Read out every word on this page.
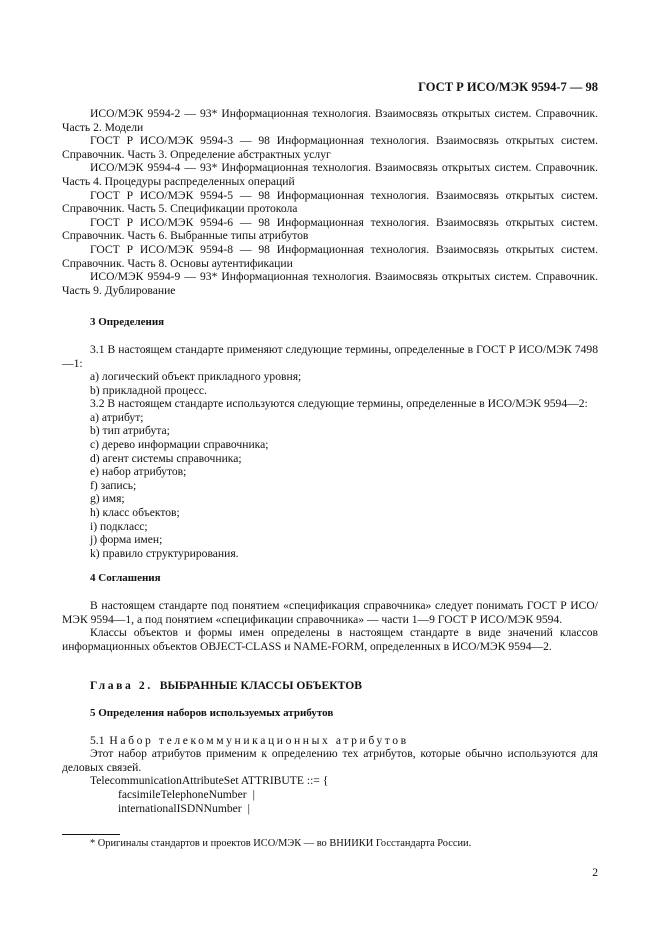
ГОСТ Р ИСО/МЭК 9594-7 — 98

ИСО/МЭК 9594-2 — 93* Информационная технология. Взаимосвязь открытых систем. Справочник. Часть 2. Модели

ГОСТ Р ИСО/МЭК 9594-3 — 98 Информационная технология. Взаимосвязь открытых систем. Справочник. Часть 3. Определение абстрактных услуг

ИСО/МЭК 9594-4 — 93* Информационная технология. Взаимосвязь открытых систем. Справочник. Часть 4. Процедуры распределенных операций

ГОСТ Р ИСО/МЭК 9594-5 — 98 Информационная технология. Взаимосвязь открытых систем. Справочник. Часть 5. Спецификации протокола

ГОСТ Р ИСО/МЭК 9594-6 — 98 Информационная технология. Взаимосвязь открытых систем. Справочник. Часть 6. Выбранные типы атрибутов

ГОСТ Р ИСО/МЭК 9594-8 — 98 Информационная технология. Взаимосвязь открытых систем. Справочник. Часть 8. Основы аутентификации

ИСО/МЭК 9594-9 — 93* Информационная технология. Взаимосвязь открытых систем. Справочник. Часть 9. Дублирование

3 Определения

3.1 В настоящем стандарте применяют следующие термины, определенные в ГОСТ Р ИСО/МЭК 7498—1:

a) логический объект прикладного уровня;

b) прикладной процесс.

3.2 В настоящем стандарте используются следующие термины, определенные в ИСО/МЭК 9594—2:

a) атрибут;

b) тип атрибута;

c) дерево информации справочника;

d) агент системы справочника;

e) набор атрибутов;

f) запись;

g) имя;

h) класс объектов;

i) подкласс;

j) форма имен;

k) правило структурирования.

4 Соглашения

В настоящем стандарте под понятием «спецификация справочника» следует понимать ГОСТ Р ИСО/МЭК 9594—1, а под понятием «спецификации справочника» — части 1—9 ГОСТ Р ИСО/МЭК 9594.

Классы объектов и формы имен определены в настоящем стандарте в виде значений классов информационных объектов OBJECT-CLASS и NAME-FORM, определенных в ИСО/МЭК 9594—2.

Глава 2. ВЫБРАННЫЕ КЛАССЫ ОБЪЕКТОВ

5 Определения наборов используемых атрибутов

5.1 Набор телекоммуникационных атрибутов

Этот набор атрибутов применим к определению тех атрибутов, которые обычно используются для деловых связей.

TelecommunicationAttributeSet ATTRIBUTE ::= {

facsimileTelephoneNumber |

internationalISDNNumber |

* Оригиналы стандартов и проектов ИСО/МЭК — во ВНИИКИ Госстандарта России.
2
